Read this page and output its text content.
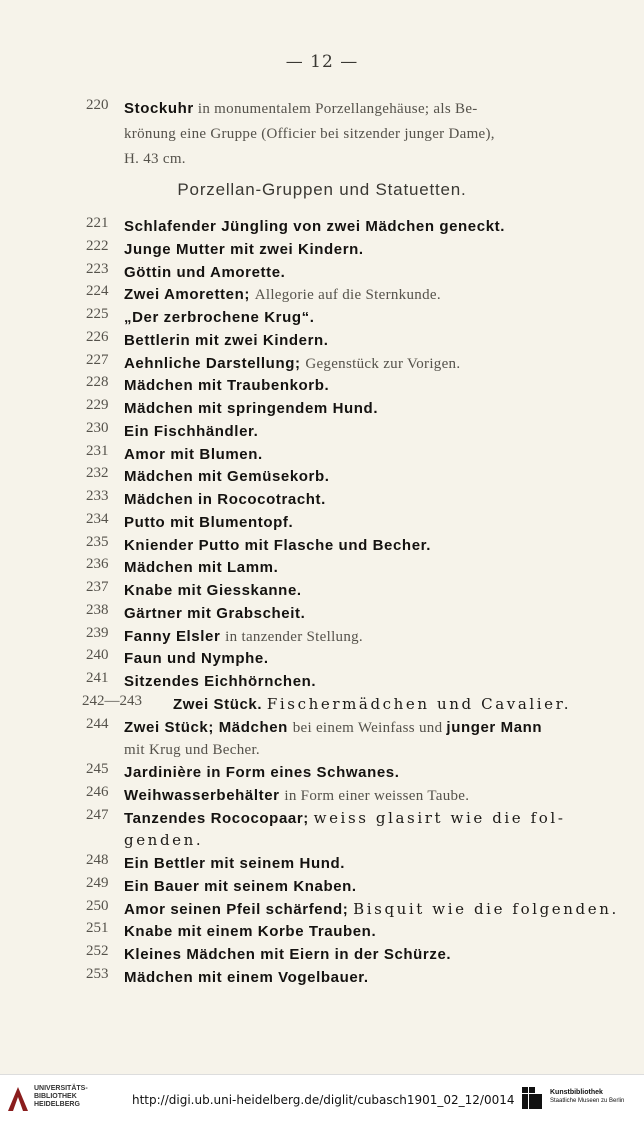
— 12 —
220	Stockuhr in monumentalem Porzellangehäuse; als Be-
krönung eine Gruppe (Officier bei sitzender junger Dame),
H. 43 cm.
Porzellan-Gruppen und Statuetten.
221	Schlafender Jüngling von zwei Mädchen geneckt.
222	Junge Mutter mit zwei Kindern.
223	Göttin und Amorette.
224	Zwei Amoretten; Allegorie auf die Sternkunde.
225	„Der zerbrochene Krug“.
226	Bettlerin mit zwei Kindern.
227	Aehnliche Darstellung; Gegenstück zur Vorigen.
228	Mädchen mit Traubenkorb.
229	Mädchen mit springendem Hund.
230	Ein Fischhändler.
231	Amor mit Blumen.
232	Mädchen mit Gemüsekorb.
233	Mädchen in Rococotracht.
234	Putto mit Blumentopf.
235	Kniender Putto mit Flasche und Becher.
236	Mädchen mit Lamm.
237	Knabe mit Giesskanne.
238	Gärtner mit Grabscheit.
239	Fanny Elsler in tanzender Stellung.
240	Faun und Nymphe.
241	Sitzendes Eichhörnchen.
242—243 Zwei Stück. Fischermädchen und Cavalier.
244	Zwei Stück; Mädchen bei einem Weinfass und junger Mann
mit Krug und Becher.
245	Jardinière in Form eines Schwanes.
246	Weihwasserbehälter in Form einer weissen Taube.
247	Tanzendes Rococopaar; weiss glasirt wie die fol-
genden.
248	Ein Bettler mit seinem Hund.
249	Ein Bauer mit seinem Knaben.
250	Amor seinen Pfeil schärfend; Bisquit wie die folgenden.
251	Knabe mit einem Korbe Trauben.
252	Kleines Mädchen mit Eiern in der Schürze.
253	Mädchen mit einem Vogelbauer.
UNIVERSITÄTS-
BIBLIOTHEK
HEIDELBERG	http://digi.ub.uni-heidelberg.de/diglit/cubasch1901_02_12/0014
Kunstbibliothek
Staatliche Museen zu Berlin
